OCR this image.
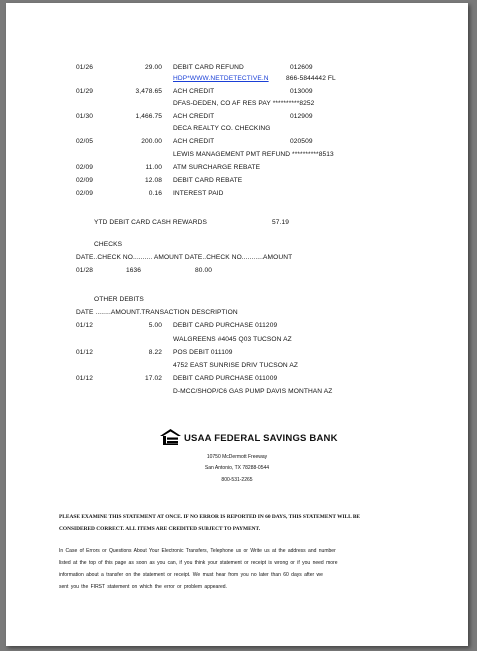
01/26	29.00 DEBIT CARD REFUND	012609
HDP*WWW.NETDETECTIVE.N	866-5844442 FL
01/29	3,478.65 ACH CREDIT	013009
DFAS-DEDEN, CO AF RES PAY **********8252
01/30	1,466.75 ACH CREDIT	012909
DECA REALTY CO. CHECKING
02/05	200.00 ACH CREDIT	020509
LEWIS MANAGEMENT PMT REFUND **********8513
02/09	11.00 ATM SURCHARGE REBATE
02/09	12.08 DEBIT CARD REBATE
02/09	0.16 INTEREST PAID
YTD DEBIT CARD CASH REWARDS	57.19
CHECKS
DATE..CHECK NO.......... AMOUNT DATE..CHECK NO...........AMOUNT
01/28	1636	80.00
OTHER DEBITS
DATE ........AMOUNT.TRANSACTION DESCRIPTION
01/12	5.00 DEBIT CARD PURCHASE 011209
WALGREENS #4045 Q03 TUCSON AZ
01/12	8.22 POS DEBIT 011109
4752 EAST SUNRISE DRIV TUCSON AZ
01/12	17.02 DEBIT CARD PURCHASE 011009
D-MCC/SHOP/C6 GAS PUMP DAVIS MONTHAN AZ
USAA FEDERAL SAVINGS BANK
10750 McDermott Freeway
San Antonio, TX 78288-0544
800-531-2265
PLEASE EXAMINE THIS STATEMENT AT ONCE. IF NO ERROR IS REPORTED IN 60 DAYS, THIS STATEMENT WILL BE
CONSIDERED CORRECT. ALL ITEMS ARE CREDITED SUBJECT TO PAYMENT.
In Case of Errors or Questions About Your Electronic Transfers, Telephone us or Write us at the address and number
listed at the top of this page as soon as you can, if you think your statement or receipt is wrong or if you need more
information about a transfer on the statement or receipt. We must hear from you no later than 60 days after we
sent you the FIRST statement on which the error or problem appeared.
